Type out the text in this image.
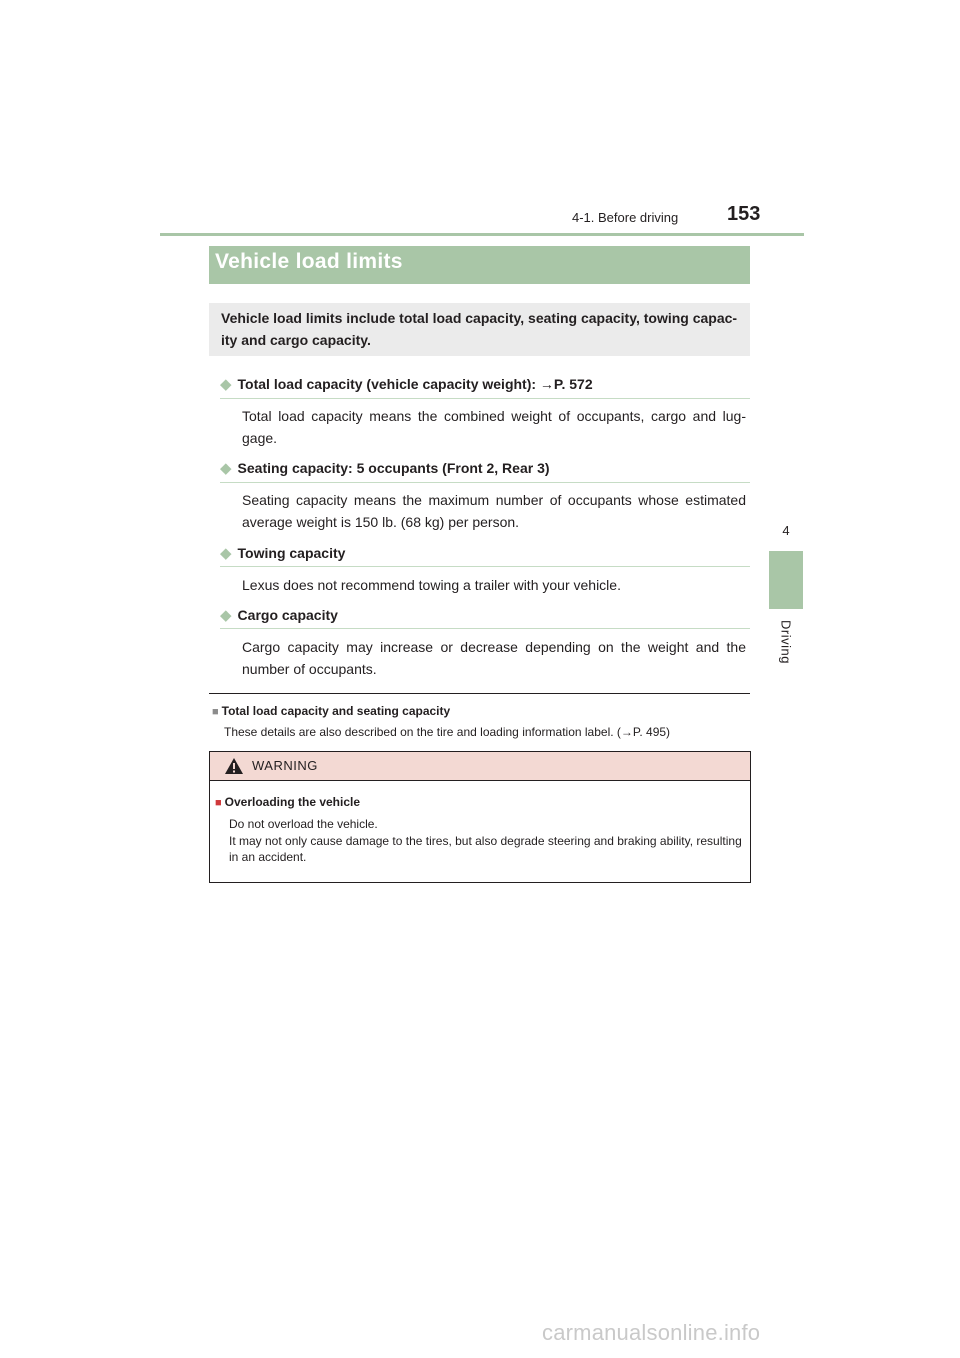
4-1. Before driving 153
4
Driving
Vehicle load limits
Vehicle load limits include total load capacity, seating capacity, towing capac-ity and cargo capacity.
◆ Total load capacity (vehicle capacity weight): →P. 572
Total load capacity means the combined weight of occupants, cargo and lug-gage.
◆ Seating capacity: 5 occupants (Front 2, Rear 3)
Seating capacity means the maximum number of occupants whose estimated average weight is 150 lb. (68 kg) per person.
◆ Towing capacity
Lexus does not recommend towing a trailer with your vehicle.
◆ Cargo capacity
Cargo capacity may increase or decrease depending on the weight and the number of occupants.
■ Total load capacity and seating capacity
These details are also described on the tire and loading information label. (→P. 495)
WARNING
■ Overloading the vehicle
Do not overload the vehicle.
It may not only cause damage to the tires, but also degrade steering and braking ability, resulting in an accident.
carmanualsonline.info
